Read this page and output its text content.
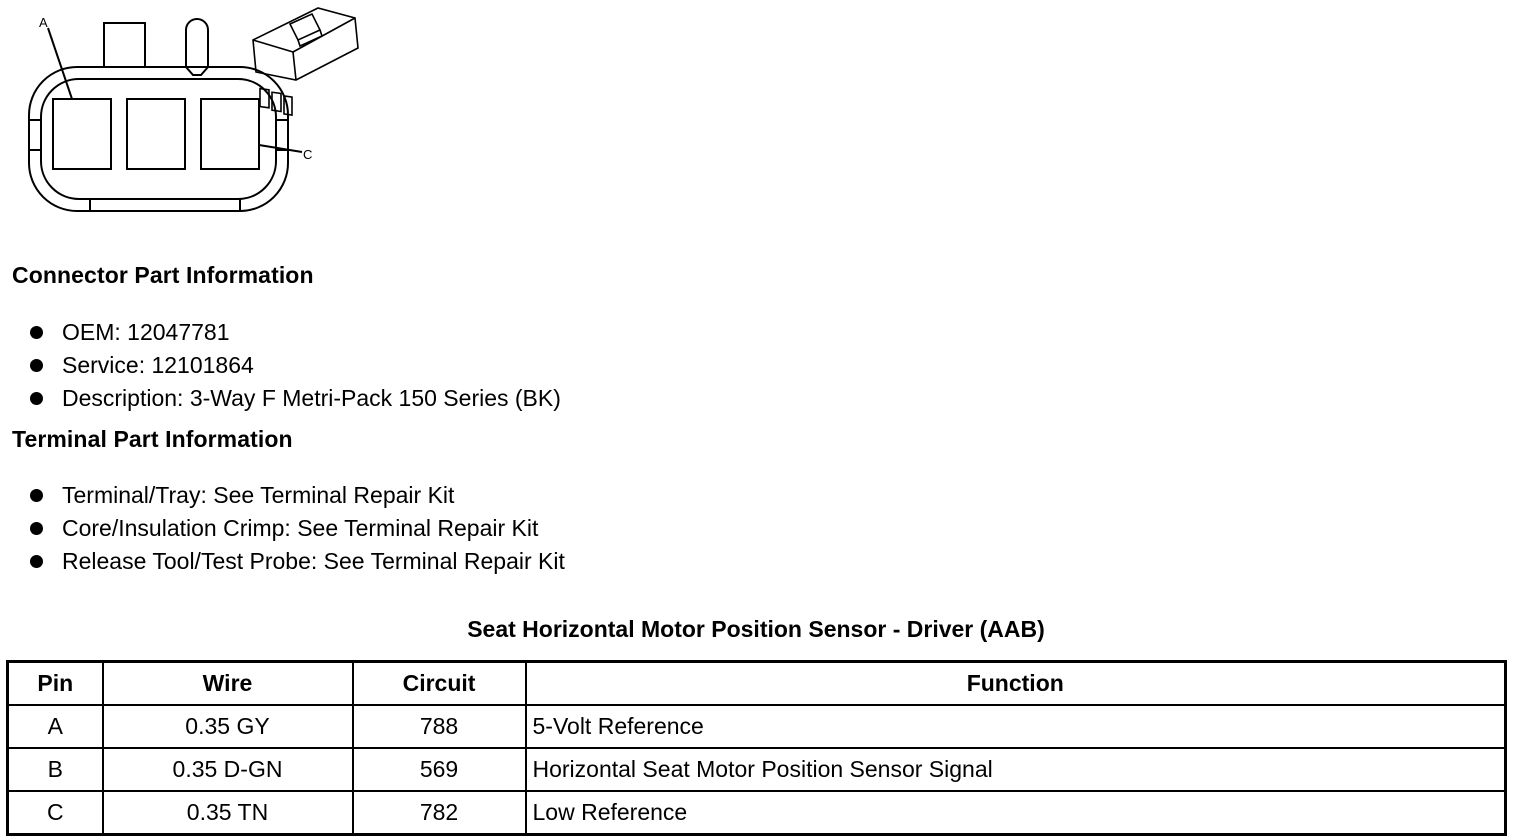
A
C
Connector Part Information
OEM: 12047781
Service: 12101864
Description: 3-Way F Metri-Pack 150 Series (BK)
Terminal Part Information
Terminal/Tray: See Terminal Repair Kit
Core/Insulation Crimp: See Terminal Repair Kit
Release Tool/Test Probe: See Terminal Repair Kit
Seat Horizontal Motor Position Sensor - Driver (AAB)
Pin	Wire	Circuit	Function
A	0.35 GY	788	5-Volt Reference
B	0.35 D-GN	569	Horizontal Seat Motor Position Sensor Signal
C	0.35 TN	782	Low Reference
